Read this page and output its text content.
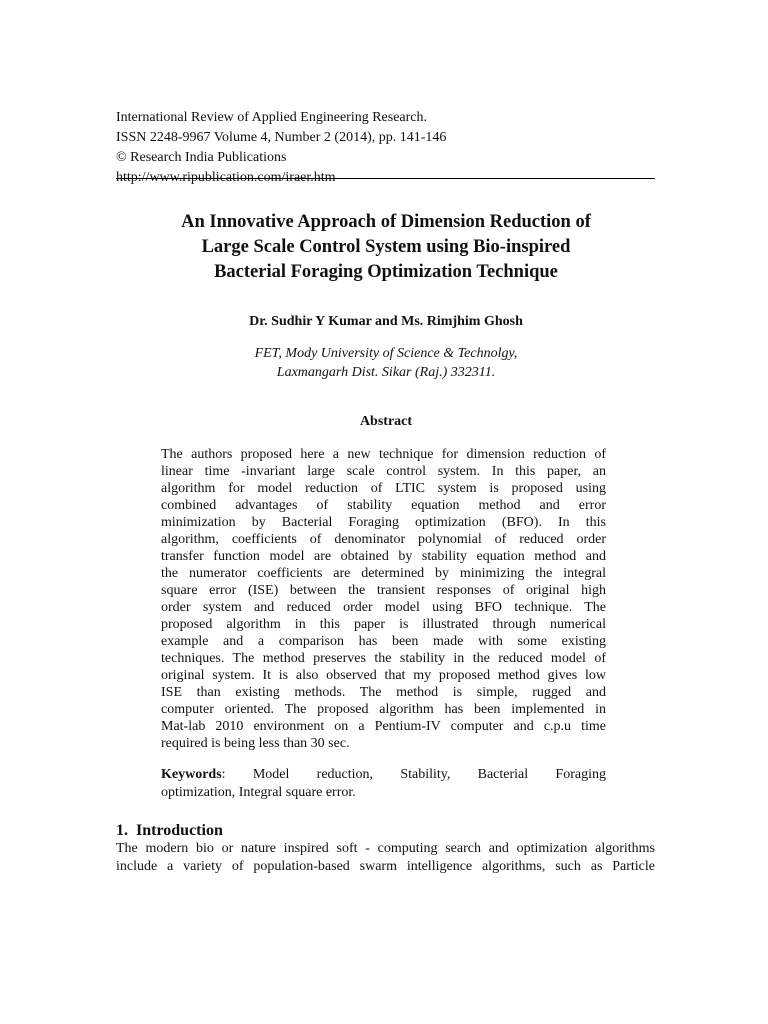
International Review of Applied Engineering Research.
ISSN 2248-9967 Volume 4, Number 2 (2014), pp. 141-146
© Research India Publications
http://www.ripublication.com/iraer.htm
An Innovative Approach of Dimension Reduction of
Large Scale Control System using Bio-inspired
Bacterial Foraging Optimization Technique
Dr. Sudhir Y Kumar and Ms. Rimjhim Ghosh
FET, Mody University of Science & Technolgy,
Laxmangarh Dist. Sikar (Raj.) 332311.
Abstract
The authors proposed here a new technique for dimension reduction of
linear time -invariant large scale control system. In this paper, an
algorithm for model reduction of LTIC system is proposed using
combined advantages of stability equation method and error
minimization by Bacterial Foraging optimization (BFO). In this
algorithm, coefficients of denominator polynomial of reduced order
transfer function model are obtained by stability equation method and
the numerator coefficients are determined by minimizing the integral
square error (ISE) between the transient responses of original high
order system and reduced order model using BFO technique. The
proposed algorithm in this paper is illustrated through numerical
example and a comparison has been made with some existing
techniques. The method preserves the stability in the reduced model of
original system. It is also observed that my proposed method gives low
ISE than existing methods. The method is simple, rugged and
computer oriented. The proposed algorithm has been implemented in
Mat-lab 2010 environment on a Pentium-IV computer and c.p.u time
required is being less than 30 sec.
Keywords: Model reduction, Stability, Bacterial Foraging
optimization, Integral square error.
1. Introduction
The modern bio or nature inspired soft - computing search and optimization algorithms
include a variety of population-based swarm intelligence algorithms, such as Particle
